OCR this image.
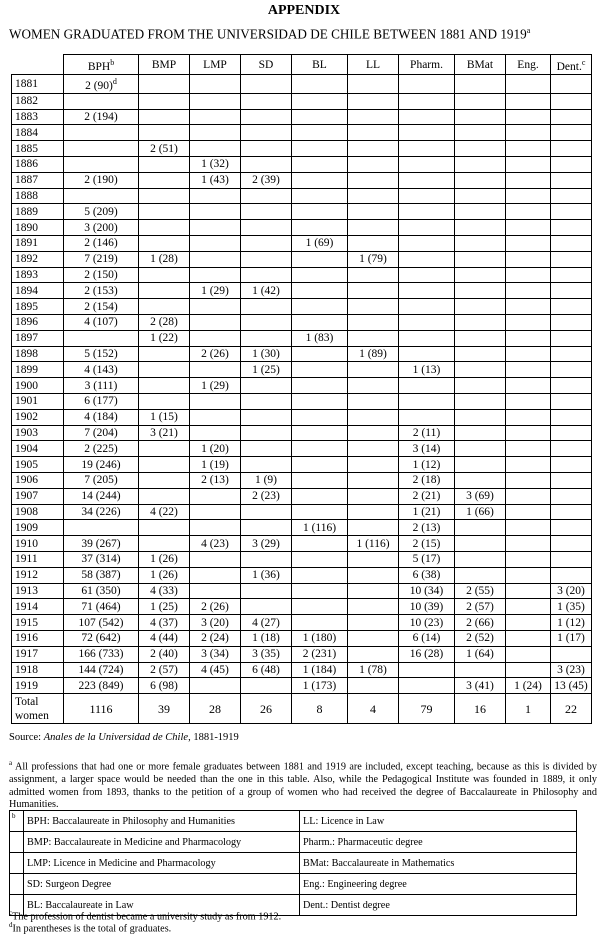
APPENDIX
WOMEN GRADUATED FROM THE UNIVERSIDAD DE CHILE BETWEEN 1881 AND 1919$^a$
	BPH$^b$	BMP	LMP	SD	BL	LL	Pharm.	BMat	Eng.	Dent.$^c$
1881	2 $(90)^d$									
1882										
1883	2 (194)									
1884										
1885		2 (51)								
1886			1 (32)							
1887	2 (190)		1 (43)	2 (39)						
1888										
1889	5 (209)									
1890	3 (200)									
1891	2 (146)				1 (69)					
1892	7 (219)	1 (28)				1 (79)				
1893	2 (150)									
1894	2 (153)		1 (29)	1 (42)						
1895	2 (154)									
1896	4 (107)	2 (28)								
1897		1 (22)			1 (83)					
1898	5 (152)		2 (26)	1 (30)		1 (89)				
1899	4 (143)			1 (25)			1 (13)			
1900	3 (111)		1 (29)							
1901	6 (177)									
1902	4 (184)	1 (15)								
1903	7 (204)	3 (21)					2 (11)			
1904	2 (225)		1 (20)				3 (14)			
1905	19 (246)		1 (19)				1 (12)			
1906	7 (205)		2 (13)	1 (9)			2 (18)			
1907	14 (244)			2 (23)			2 (21)	3 (69)		
1908	34 (226)	4 (22)					1 (21)	1 (66)		
1909					1 (116)		2 (13)			
1910	39 (267)		4 (23)	3 (29)		1 (116)	2 (15)			
1911	37 (314)	1 (26)					5 (17)			
1912	58 (387)	1 (26)		1 (36)			6 (38)			
1913	61 (350)	4 (33)					10 (34)	2 (55)		3 (20)
1914	71 (464)	1 (25)	2 (26)				10 (39)	2 (57)		1 (35)
1915	107 (542)	4 (37)	3 (20)	4 (27)			10 (23)	2 (66)		1 (12)
1916	72 (642)	4 (44)	2 (24)	1 (18)	1 (180)		6 (14)	2 (52)		1 (17)
1917	166 (733)	2 (40)	3 (34)	3 (35)	2 (231)		16 (28)	1 (64)		
1918	144 (724)	2 (57)	4 (45)	6 (48)	1 (184)	1 (78)				3 (23)
1919	223 (849)	6 (98)			1 (173)			3 (41)	1 (24)	13 (45)

Total
women	1116	39	28	26	8	4	79	16	1	22
Source: Anales de la Universidad de Chile, 1881-1919
$^a$ All professions that had one or more female graduates between 1881 and 1919 are included, except teaching, because as this is divided by assignment, a larger space would be needed than the one in this table. Also, while the Pedagogical Institute was founded in 1889, it only admitted women from 1893, thanks to the petition of a group of women who had received the degree of Baccalaureate in Philosophy and Humanities.
b	BPH: Baccalaureate in Philosophy and Humanities	LL: Licence in Law
	BMP: Baccalaureate in Medicine and Pharmacology	Pharm.: Pharmaceutic degree
	LMP: Licence in Medicine and Pharmacology	BMat: Baccalaureate in Mathematics
	SD: Surgeon Degree	Eng.: Engineering degree
	BL: Baccalaureate in Law	Dent.: Dentist degree
$^c$The profession of dentist became a university study as from 1912.
$^d$In parentheses is the total of graduates.
